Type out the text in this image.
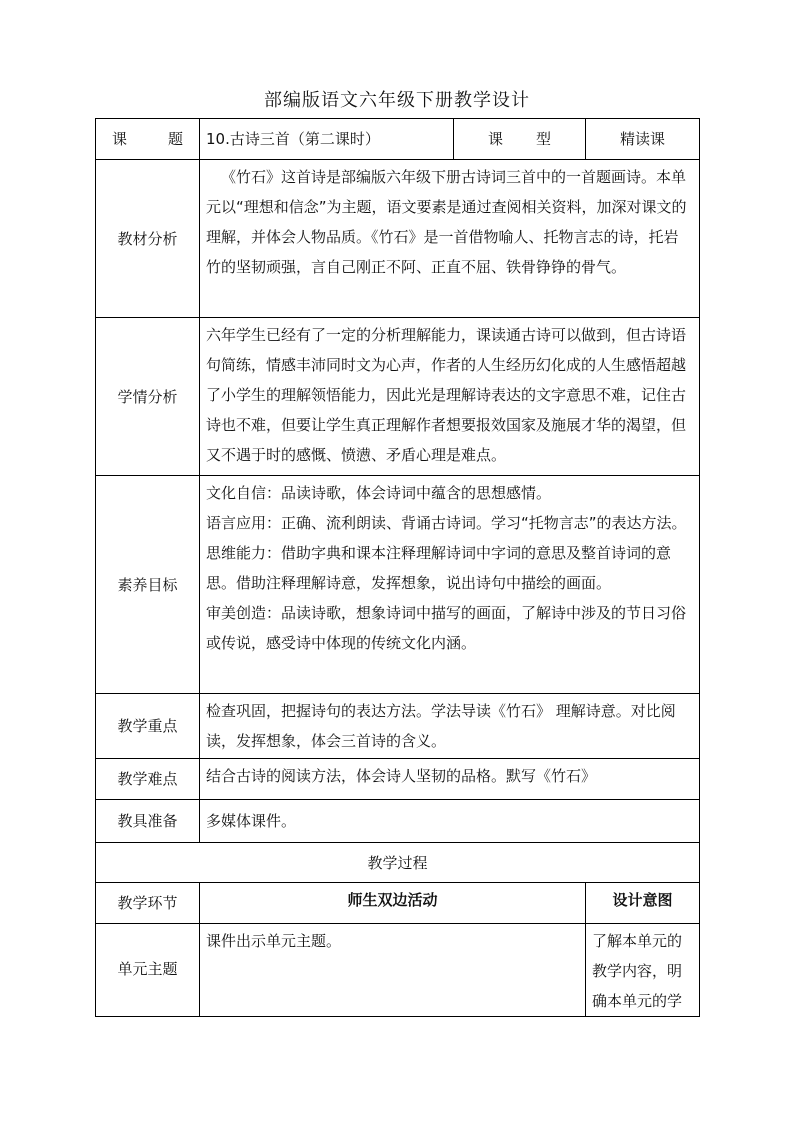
部编版语文六年级下册教学设计
课 题	10.古诗三首（第二课时）	课 型	精读课
教材分析	《竹石》这首诗是部编版六年级下册古诗词三首中的一首题画诗。本单元以“理想和信念”为主题，语文要素是通过查阅相关资料，加深对课文的理解，并体会人物品质。《竹石》是一首借物喻人、托物言志的诗，托岩竹的坚韧顽强，言自己刚正不阿、正直不屈、铁骨铮铮的骨气。		

学情分析	六年学生已经有了一定的分析理解能力，课读通古诗可以做到，但古诗语句简练，情感丰沛同时文为心声，作者的人生经历幻化成的人生感悟超越了小学生的理解领悟能力，因此光是理解诗表达的文字意思不难，记住古诗也不难，但要让学生真正理解作者想要报效国家及施展才华的渴望，但又不遇于时的感慨、愤懑、矛盾心理是难点。		

素养目标	文化自信：品读诗歌，体会诗词中蕴含的思想感情。

语言应用：正确、流利朗读、背诵古诗词。学习“托物言志”的表达方法。

思维能力：借助字典和课本注释理解诗词中字词的意思及整首诗词的意思。借助注释理解诗意，发挥想象，说出诗句中描绘的画面。

审美创造：品读诗歌，想象诗词中描写的画面，了解诗中涉及的节日习俗或传说，感受诗中体现的传统文化内涵。		

教学重点	检查巩固，把握诗句的表达方法。学法导读《竹石》 理解诗意。对比阅读，发挥想象，体会三首诗的含义。		

教学难点	结合古诗的阅读方法，体会诗人坚韧的品格。默写《竹石》		

教具准备	多媒体课件。		
教学过程			
教学环节	师生双边活动		设计意图
单元主题	课件出示单元主题。		了解本单元的教学内容，明确本单元的学
